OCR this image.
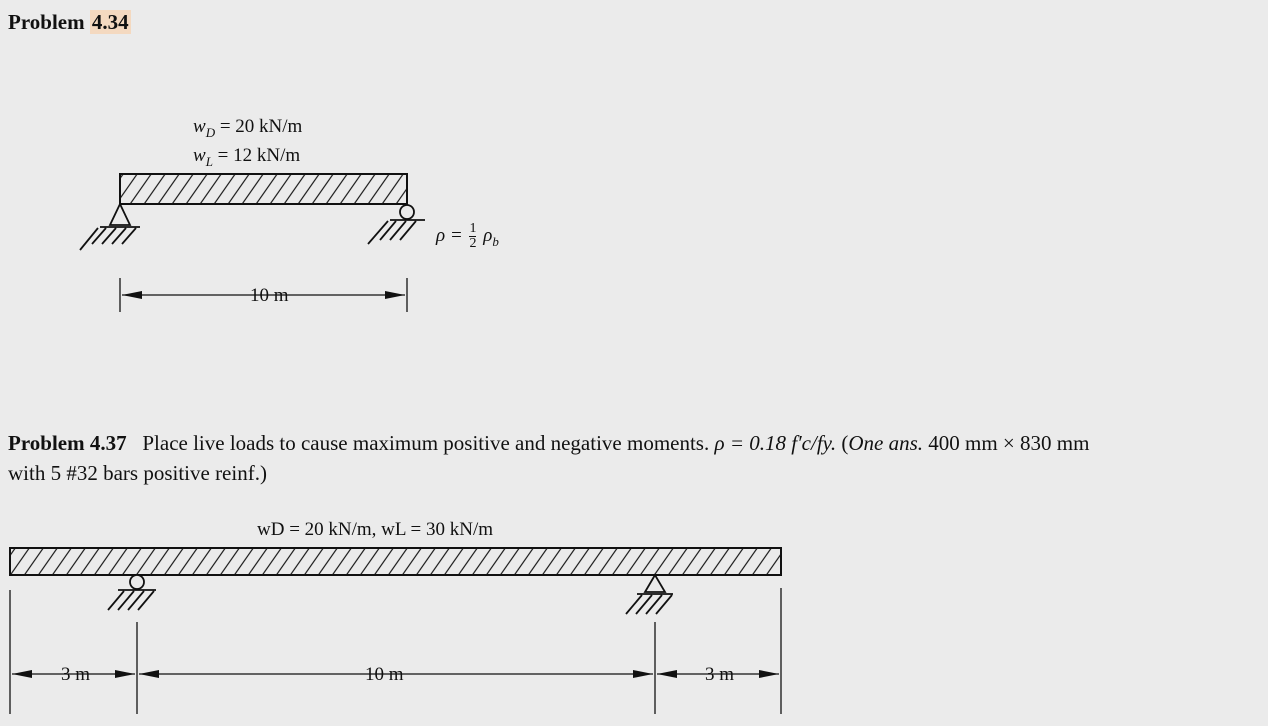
Problem 4.34
$w_D = 20$ kN/m
$w_L = 12$ kN/m
$\rho = \frac{1}{2} \rho_b$
10 m
Problem 4.37 Place live loads to cause maximum positive and negative moments. ρ = 0.18 f′c/fy. (One ans. 400 mm × 830 mm
with 5 #32 bars positive reinf.)
wD = 20 kN/m, wL = 30 kN/m
3 m	10 m	3 m
